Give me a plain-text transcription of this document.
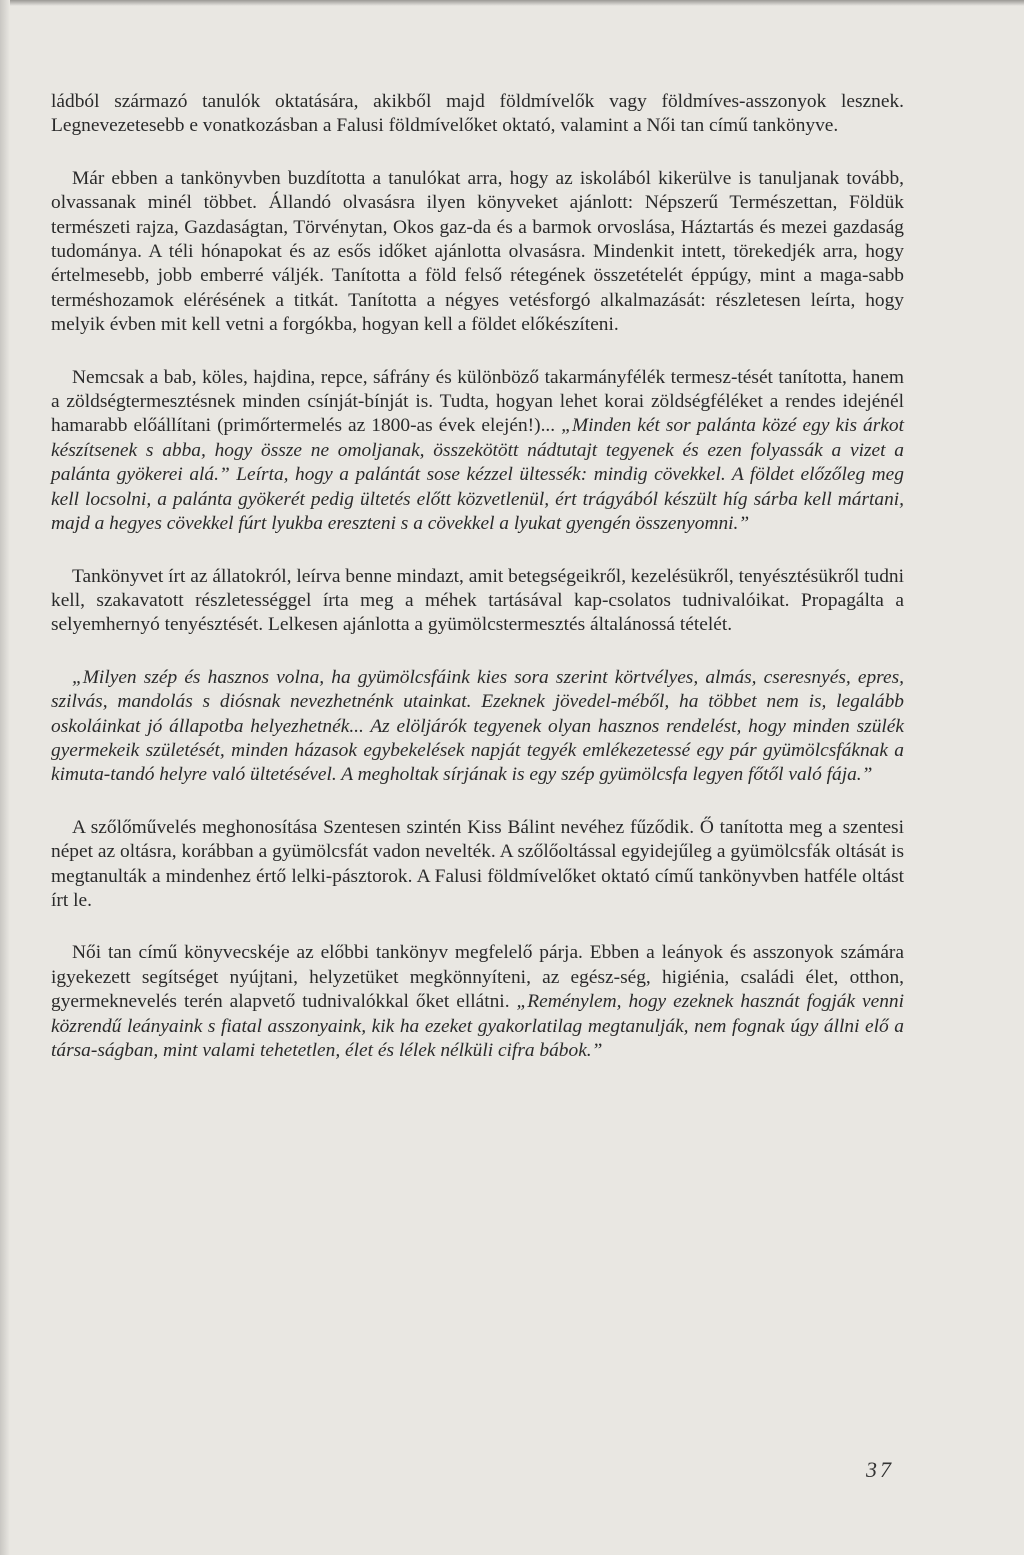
ládból származó tanulók oktatására, akikből majd földmívelők vagy földmíves-asszonyok lesznek. Legnevezetesebb e vonatkozásban a Falusi földmívelőket oktató, valamint a Női tan című tankönyve.

Már ebben a tankönyvben buzdította a tanulókat arra, hogy az iskolából kikerülve is tanuljanak tovább, olvassanak minél többet. Állandó olvasásra ilyen könyveket ajánlott: Népszerű Természettan, Földük természeti rajza, Gazdaságtan, Törvénytan, Okos gaz-da és a barmok orvoslása, Háztartás és mezei gazdaság tudománya. A téli hónapokat és az esős időket ajánlotta olvasásra. Mindenkit intett, törekedjék arra, hogy értelmesebb, jobb emberré váljék. Tanította a föld felső rétegének összetételét éppúgy, mint a maga-sabb terméshozamok elérésének a titkát. Tanította a négyes vetésforgó alkalmazását: részletesen leírta, hogy melyik évben mit kell vetni a forgókba, hogyan kell a földet előkészíteni.

Nemcsak a bab, köles, hajdina, repce, sáfrány és különböző takarmányfélék termesz-tését tanította, hanem a zöldségtermesztésnek minden csínját-bínját is. Tudta, hogyan lehet korai zöldségféléket a rendes idejénél hamarabb előállítani (primőrtermelés az 1800-as évek elején!)... „Minden két sor palánta közé egy kis árkot készítsenek s abba, hogy össze ne omoljanak, összekötött nádtutajt tegyenek és ezen folyassák a vizet a palánta gyökerei alá.” Leírta, hogy a palántát sose kézzel ültessék: mindig cövekkel. A földet előzőleg meg kell locsolni, a palánta gyökerét pedig ültetés előtt közvetlenül, ért trágyából készült híg sárba kell mártani, majd a hegyes cövekkel fúrt lyukba ereszteni s a cövekkel a lyukat gyengén összenyomni.”

Tankönyvet írt az állatokról, leírva benne mindazt, amit betegségeikről, kezelésükről, tenyésztésükről tudni kell, szakavatott részletességgel írta meg a méhek tartásával kap-csolatos tudnivalóikat. Propagálta a selyemhernyó tenyésztését. Lelkesen ajánlotta a gyümölcstermesztés általánossá tételét.

„Milyen szép és hasznos volna, ha gyümölcsfáink kies sora szerint körtvélyes, almás, cseresnyés, epres, szilvás, mandolás s diósnak nevezhetnénk utainkat. Ezeknek jövedel-méből, ha többet nem is, legalább oskoláinkat jó állapotba helyezhetnék... Az elöljárók tegyenek olyan hasznos rendelést, hogy minden szülék gyermekeik születését, minden házasok egybekelések napját tegyék emlékezetessé egy pár gyümölcsfáknak a kimuta-tandó helyre való ültetésével. A megholtak sírjának is egy szép gyümölcsfa legyen főtől való fája.”

A szőlőművelés meghonosítása Szentesen szintén Kiss Bálint nevéhez fűződik. Ő tanította meg a szentesi népet az oltásra, korábban a gyümölcsfát vadon nevelték. A szőlőoltással egyidejűleg a gyümölcsfák oltását is megtanulták a mindenhez értő lelki-pásztorok. A Falusi földmívelőket oktató című tankönyvben hatféle oltást írt le.

Női tan című könyvecskéje az előbbi tankönyv megfelelő párja. Ebben a leányok és asszonyok számára igyekezett segítséget nyújtani, helyzetüket megkönnyíteni, az egész-ség, higiénia, családi élet, otthon, gyermeknevelés terén alapvető tudnivalókkal őket ellátni. „Reménylem, hogy ezeknek hasznát fogják venni közrendű leányaink s fiatal asszonyaink, kik ha ezeket gyakorlatilag megtanulják, nem fognak úgy állni elő a társa-ságban, mint valami tehetetlen, élet és lélek nélküli cifra bábok.”

37
